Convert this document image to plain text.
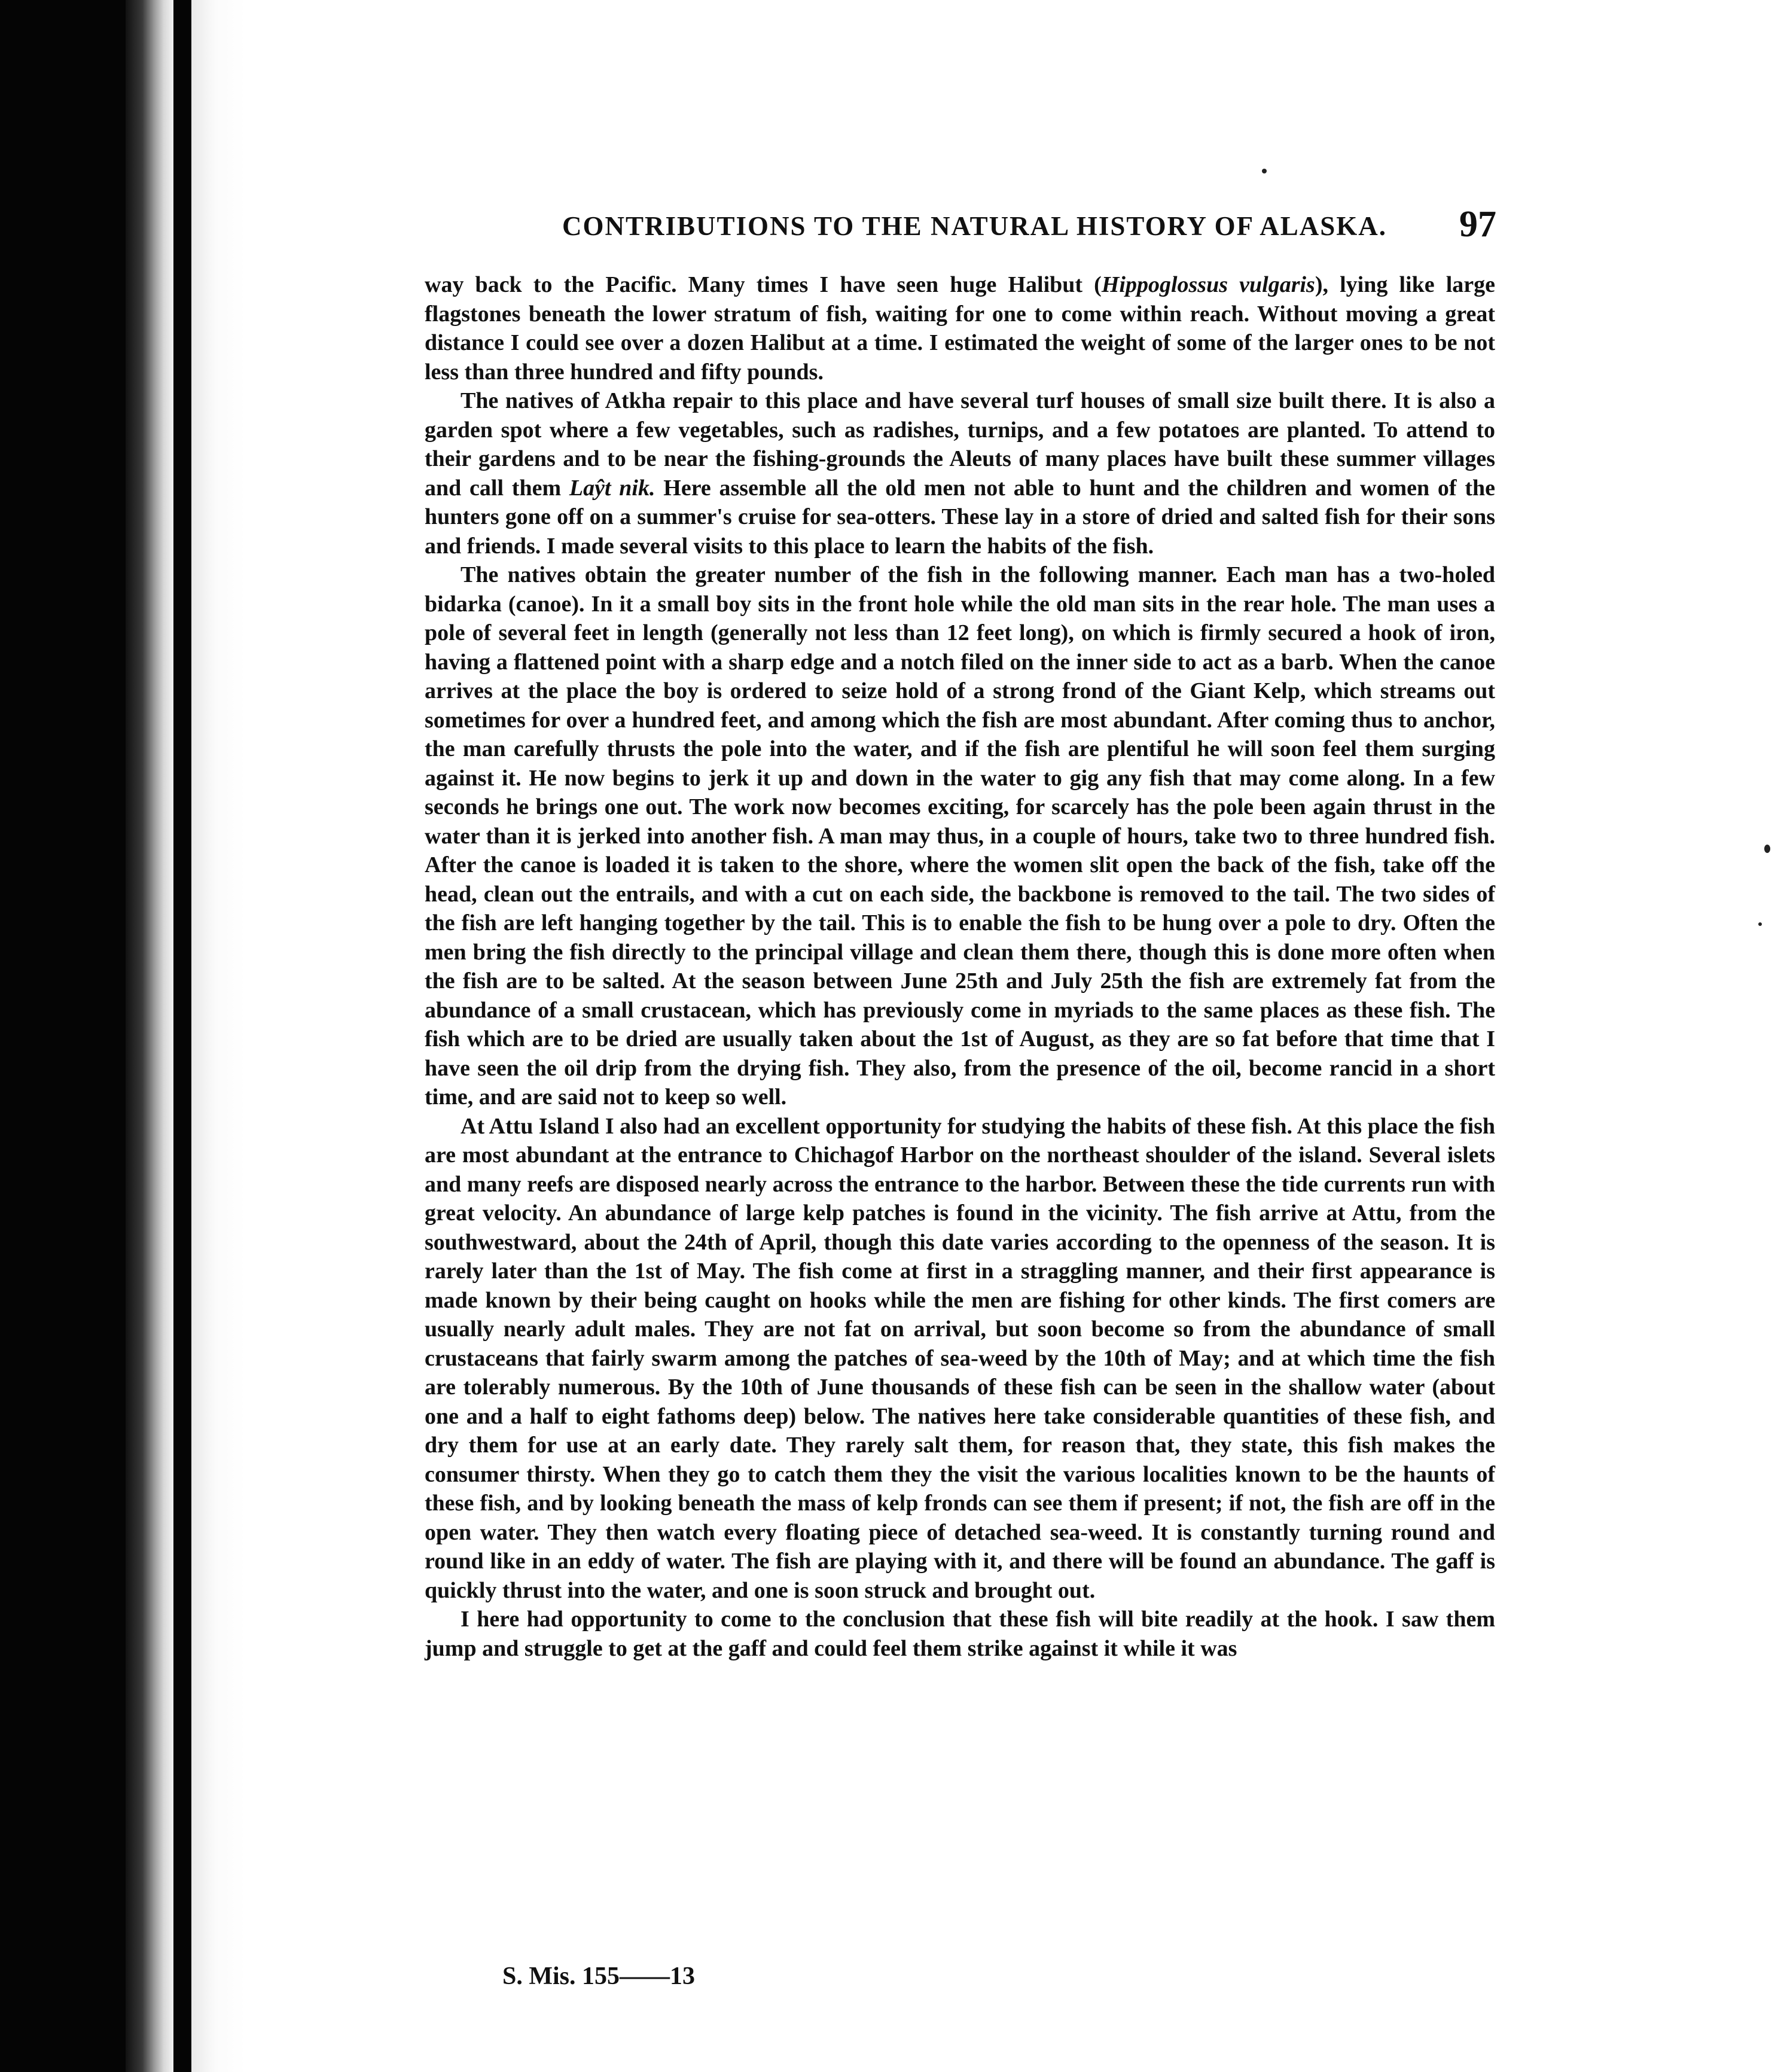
CONTRIBUTIONS TO THE NATURAL HISTORY OF ALASKA.	97

way back to the Pacific. Many times I have seen huge Halibut (Hippoglossus vulgaris), lying like large flagstones beneath the lower stratum of fish, waiting for one to come within reach. Without moving a great distance I could see over a dozen Halibut at a time. I estimated the weight of some of the larger ones to be not less than three hundred and fifty pounds.

The natives of Atkha repair to this place and have several turf houses of small size built there. It is also a garden spot where a few vegetables, such as radishes, turnips, and a few potatoes are planted. To attend to their gardens and to be near the fishing-grounds the Aleuts of many places have built these summer villages and call them Laŷt nik. Here assemble all the old men not able to hunt and the children and women of the hunters gone off on a summer's cruise for sea-otters. These lay in a store of dried and salted fish for their sons and friends. I made several visits to this place to learn the habits of the fish.

The natives obtain the greater number of the fish in the following manner. Each man has a two-holed bidarka (canoe). In it a small boy sits in the front hole while the old man sits in the rear hole. The man uses a pole of several feet in length (generally not less than 12 feet long), on which is firmly secured a hook of iron, having a flattened point with a sharp edge and a notch filed on the inner side to act as a barb. When the canoe arrives at the place the boy is ordered to seize hold of a strong frond of the Giant Kelp, which streams out sometimes for over a hundred feet, and among which the fish are most abundant. After coming thus to anchor, the man carefully thrusts the pole into the water, and if the fish are plentiful he will soon feel them surging against it. He now begins to jerk it up and down in the water to gig any fish that may come along. In a few seconds he brings one out. The work now becomes exciting, for scarcely has the pole been again thrust in the water than it is jerked into another fish. A man may thus, in a couple of hours, take two to three hundred fish. After the canoe is loaded it is taken to the shore, where the women slit open the back of the fish, take off the head, clean out the entrails, and with a cut on each side, the backbone is removed to the tail. The two sides of the fish are left hanging together by the tail. This is to enable the fish to be hung over a pole to dry. Often the men bring the fish directly to the principal village and clean them there, though this is done more often when the fish are to be salted. At the season between June 25th and July 25th the fish are extremely fat from the abundance of a small crustacean, which has previously come in myriads to the same places as these fish. The fish which are to be dried are usually taken about the 1st of August, as they are so fat before that time that I have seen the oil drip from the drying fish. They also, from the presence of the oil, become rancid in a short time, and are said not to keep so well.

At Attu Island I also had an excellent opportunity for studying the habits of these fish. At this place the fish are most abundant at the entrance to Chichagof Harbor on the northeast shoulder of the island. Several islets and many reefs are disposed nearly across the entrance to the harbor. Between these the tide currents run with great velocity. An abundance of large kelp patches is found in the vicinity. The fish arrive at Attu, from the southwestward, about the 24th of April, though this date varies according to the openness of the season. It is rarely later than the 1st of May. The fish come at first in a straggling manner, and their first appearance is made known by their being caught on hooks while the men are fishing for other kinds. The first comers are usually nearly adult males. They are not fat on arrival, but soon become so from the abundance of small crustaceans that fairly swarm among the patches of sea-weed by the 10th of May; and at which time the fish are tolerably numerous. By the 10th of June thousands of these fish can be seen in the shallow water (about one and a half to eight fathoms deep) below. The natives here take considerable quantities of these fish, and dry them for use at an early date. They rarely salt them, for reason that, they state, this fish makes the consumer thirsty. When they go to catch them they the visit the various localities known to be the haunts of these fish, and by looking beneath the mass of kelp fronds can see them if present; if not, the fish are off in the open water. They then watch every floating piece of detached sea-weed. It is constantly turning round and round like in an eddy of water. The fish are playing with it, and there will be found an abundance. The gaff is quickly thrust into the water, and one is soon struck and brought out.

I here had opportunity to come to the conclusion that these fish will bite readily at the hook. I saw them jump and struggle to get at the gaff and could feel them strike against it while it was

S. Mis. 155——13
